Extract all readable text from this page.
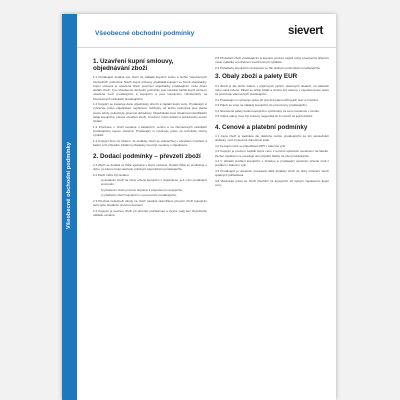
Všeobecné obchodní podmínky
Všeobecné obchodní podmínky	sievert
1. Uzavření kupní smlouvy, objednávání zboží

1.1 Prodávající dodává své zboží na základě kupních smluv a těchto Všeobecných obchodních podmínek. Návrh kupní smlouvy předkládá kupující ve formě objednávky. Kupní smlouva je uzavřena dnem potvrzení objednávky prodávajícím, nebo dnem dodání zboží. Tyto Všeobecné obchodní podmínky jsou součástí každé kupní smlouvy uzavřené mezi prodávajícím a kupujícím a jsou kupujícímu zpřístupněny na internetových stránkách prodávajícího.

1.2 Kupující se zavazuje dané objednávky převzít a zaplatit kupní cenu. Prodávající si vyhrazuje právo objednávku nepřijmout. Odchylky od těchto podmínek jsou platné pouze tehdy, pokud byly písemně dohodnuty. Objednávka musí obsahovat identifikační údaje kupujícího, přesné označení zboží, množství, místo dodání a požadovaný termín dodání.

1.3 Informace o zboží uvedené v katalozích, ceníku a na internetových stránkách prodávajícího nejsou závazné. Prodávající si vyhrazuje právo na technické změny výrobků.

1.4 Kupující bere na vědomí, že dodávky zboží se uskutečňují v obvyklém množství a balení a že případné zvláštní požadavky musí být uvedeny v objednávce.

2. Dodací podmínky – převzetí zboží

2.1 Zboží se dodává ve lhůtě sjednané v kupní smlouvě. Dodací lhůta se prodlužuje o dobu, po kterou trvají okolnosti vylučující odpovědnost prodávajícího.

2.2 Zboží může být dodáno:

a) dodáním zboží na místo určené kupujícím v objednávce, je-li s tím prodávající srozuměn,

b) předáním zboží prvnímu dopravci k přepravě pro kupujícího,

c) předáním zboží kupujícímu v provozovně prodávajícího.

2.3 Přechod nebezpečí škody na zboží nastává okamžikem převzetí zboží kupujícím nebo jeho předáním prvnímu dopravci.

2.4 Kupující je povinen zboží při převzetí prohlédnout a zjevné vady bez zbytečného odkladu oznámit.

2.5 Při dodání zboží prodávajícím je kupující povinen zajistit volný a bezpečný příjezd k místu vykládky a potřebnou součinnost při vykládce.

2.6 Požadavky kupujícího na dopravu se řídí platnými podmínkami prodávajícího.

3. Obaly zboží a palety EUR

3.1 Zboží je dle druhu baleno v papírových pytlích, plastových obalech, na paletách nebo volně ložené. Palety se účtují zvlášť a mohou být vráceny v nepoškozeném stavu za podmínek stanovených prodávajícím.

3.2 Prodávající si vyhrazuje právo při převzetí palet ověřit jejich stav a množství.

3.3 Palety se vrací na náklady kupujícího do provozovny prodávajícího.

3.4 Nevrácené palety budou kupujícímu vyúčtovány za cenu uvedenou v ceníku.

3.5 Vratné palety musí být vráceny nejpozději do 6 měsíců od jejich dodání.

4. Cenové a platební podmínky

4.1 Cena zboží je sjednána dle platného ceníku prodávajícího ke dni uskutečnění dodávky, není-li písemně dohodnuto jinak.

4.2 Ke kupní ceně se připočítává DPH v zákonné výši.

4.3 Kupující je povinen zaplatit kupní cenu v termínu splatnosti uvedeném na faktuře. Za den zaplacení se považuje den připsání částky na účet prodávajícího.

4.4 V případě prodlení kupujícího s úhradou je prodávající oprávněn účtovat úrok z prodlení v zákonné výši.

4.5 Prodávající je oprávněn pozastavit další dodávky zboží do doby uhrazení všech splatných pohledávek.

4.6 Vlastnické právo ke zboží přechází na kupujícího až úplným zaplacením kupní ceny.
